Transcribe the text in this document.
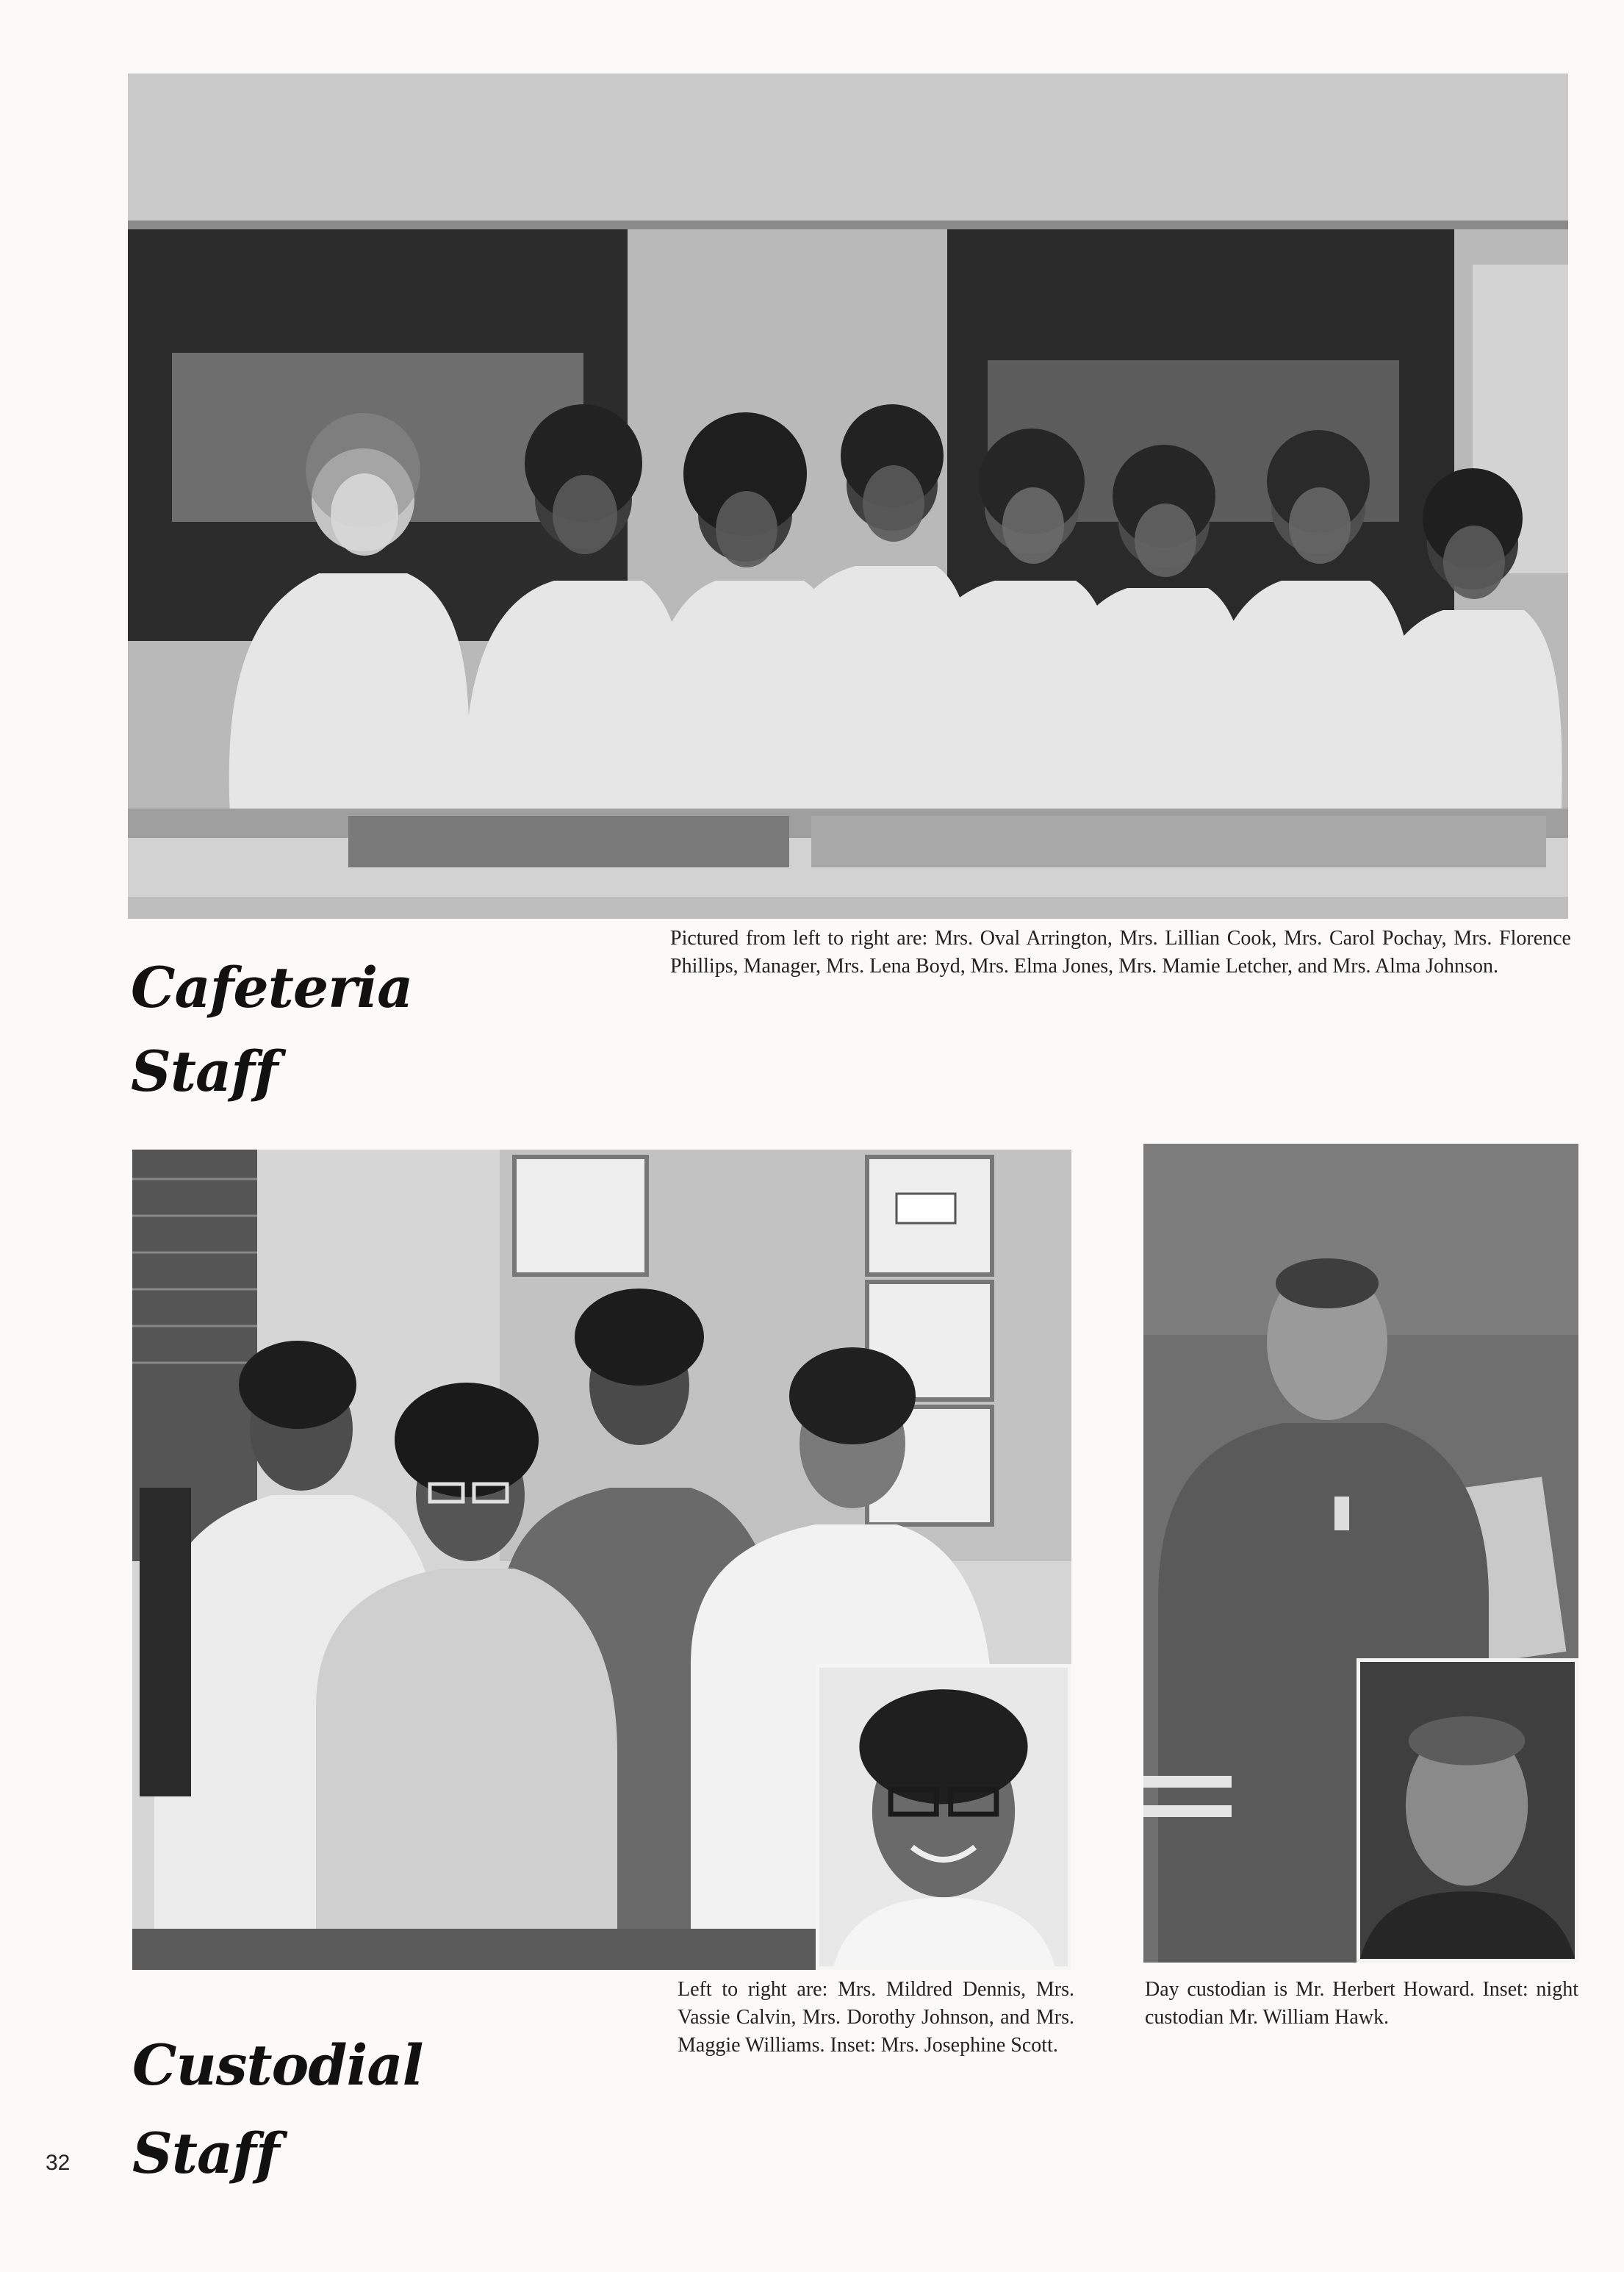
Pictured from left to right are: Mrs. Oval Arrington, Mrs. Lillian Cook, Mrs. Carol Pochay, Mrs. Florence Phillips, Manager, Mrs. Lena Boyd, Mrs. Elma Jones, Mrs. Mamie Letcher, and Mrs. Alma Johnson.

Cafeteria
Staff

Left to right are: Mrs. Mildred Dennis, Mrs. Vassie Calvin, Mrs. Dorothy Johnson, and Mrs. Maggie Williams. Inset: Mrs. Josephine Scott.

Day custodian is Mr. Herbert Howard. Inset: night custodian Mr. William Hawk.

Custodial
Staff
32
